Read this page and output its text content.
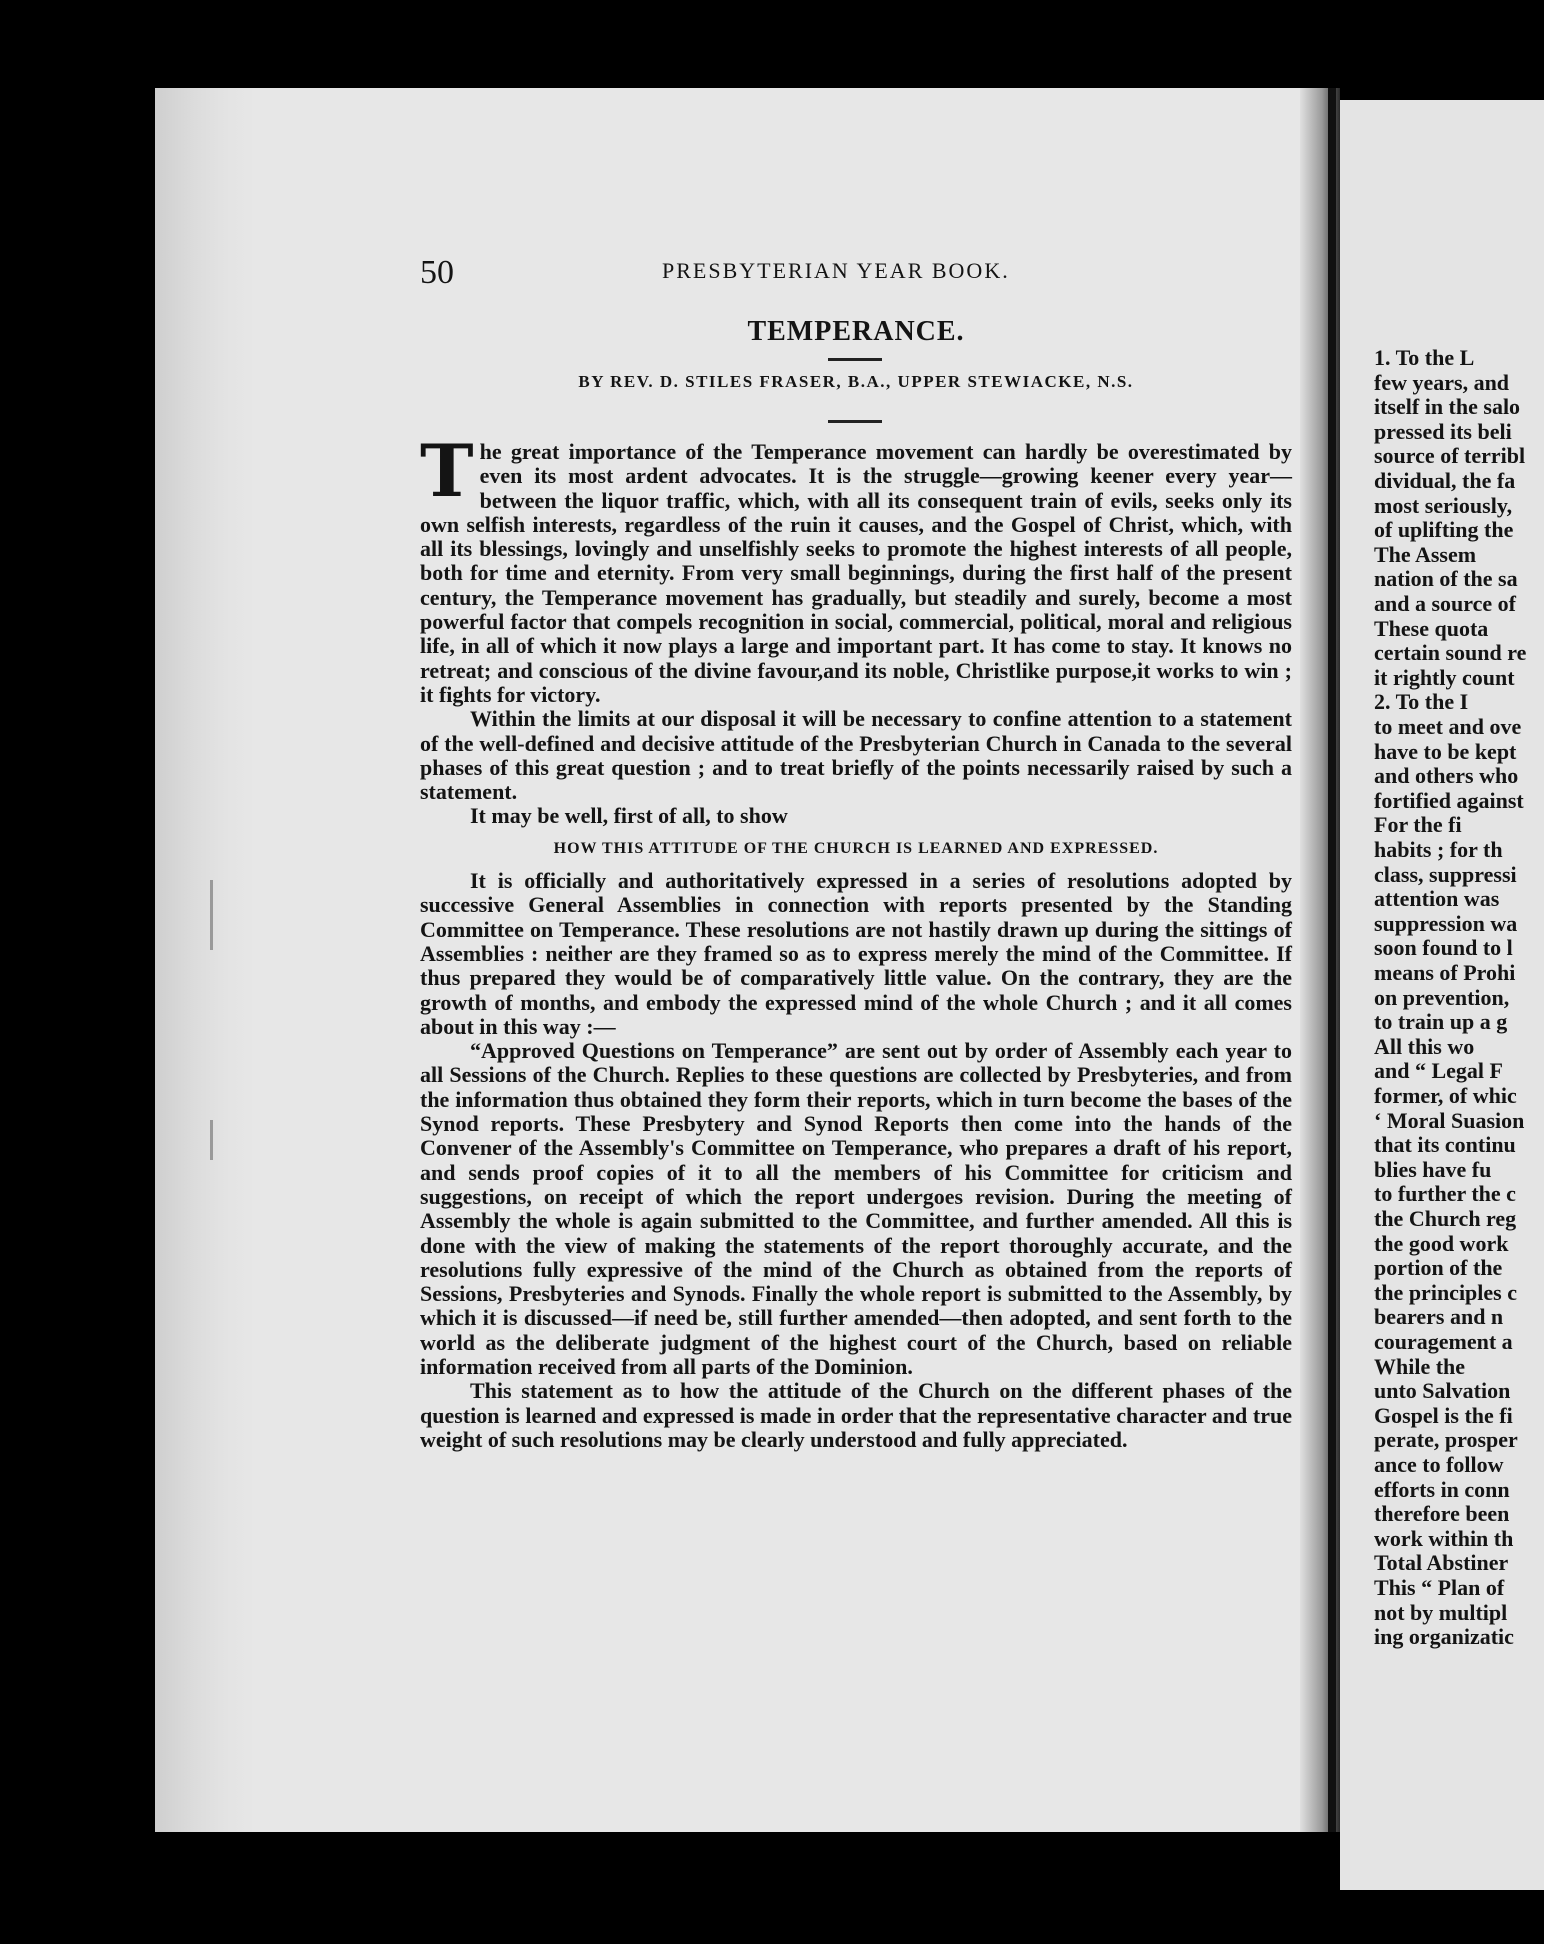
50	PRESBYTERIAN YEAR BOOK.
TEMPERANCE.
BY REV. D. STILES FRASER, B.A., UPPER STEWIACKE, N.S.

The great importance of the Temperance movement can hardly be overestimated by even its most ardent advocates. It is the struggle—growing keener every year—between the liquor traffic, which, with all its consequent train of evils, seeks only its own selfish interests, regardless of the ruin it causes, and the Gospel of Christ, which, with all its blessings, lovingly and unselfishly seeks to promote the highest interests of all people, both for time and eternity. From very small beginnings, during the first half of the present century, the Temperance movement has gradually, but steadily and surely, become a most powerful factor that compels recognition in social, commercial, political, moral and religious life, in all of which it now plays a large and important part. It has come to stay. It knows no retreat; and conscious of the divine favour,and its noble, Christlike purpose,it works to win ; it fights for victory.

Within the limits at our disposal it will be necessary to confine attention to a statement of the well-defined and decisive attitude of the Presbyterian Church in Canada to the several phases of this great question ; and to treat briefly of the points necessarily raised by such a statement.

It may be well, first of all, to show

HOW THIS ATTITUDE OF THE CHURCH IS LEARNED AND EXPRESSED.

It is officially and authoritatively expressed in a series of resolutions adopted by successive General Assemblies in connection with reports presented by the Standing Committee on Temperance. These resolutions are not hastily drawn up during the sittings of Assemblies : neither are they framed so as to express merely the mind of the Committee. If thus prepared they would be of comparatively little value. On the contrary, they are the growth of months, and embody the expressed mind of the whole Church ; and it all comes about in this way :—

“Approved Questions on Temperance” are sent out by order of Assembly each year to all Sessions of the Church. Replies to these questions are collected by Presbyteries, and from the information thus obtained they form their reports, which in turn become the bases of the Synod reports. These Presbytery and Synod Reports then come into the hands of the Convener of the Assembly's Committee on Temperance, who prepares a draft of his report, and sends proof copies of it to all the members of his Committee for criticism and suggestions, on receipt of which the report undergoes revision. During the meeting of Assembly the whole is again submitted to the Committee, and further amended. All this is done with the view of making the statements of the report thoroughly accurate, and the resolutions fully expressive of the mind of the Church as obtained from the reports of Sessions, Presbyteries and Synods. Finally the whole report is submitted to the Assembly, by which it is discussed—if need be, still further amended—then adopted, and sent forth to the world as the deliberate judgment of the highest court of the Church, based on reliable information received from all parts of the Dominion.

This statement as to how the attitude of the Church on the different phases of the question is learned and expressed is made in order that the representative character and true weight of such resolutions may be clearly understood and fully appreciated.

1. To the L
few years, and
itself in the salo
pressed its beli
source of terribl
dividual, the fa
most seriously,
of uplifting the
The Assem
nation of the sa
and a source of
These quota
certain sound re
it rightly count
2. To the I
to meet and ove
have to be kept
and others who
fortified against
For the fi
habits ; for th
class, suppressi
attention was
suppression wa
soon found to l
means of Prohi
on prevention,
to train up a g
All this wo
and “ Legal F
former, of whic
‘ Moral Suasion
that its continu
blies have fu
to further the c
the Church reg
the good work
portion of the
the principles c
bearers and n
couragement a
While the
unto Salvation
Gospel is the fi
perate, prosper
ance to follow
efforts in conn
therefore been
work within th
Total Abstiner
This “ Plan of
not by multipl
ing organizatic
